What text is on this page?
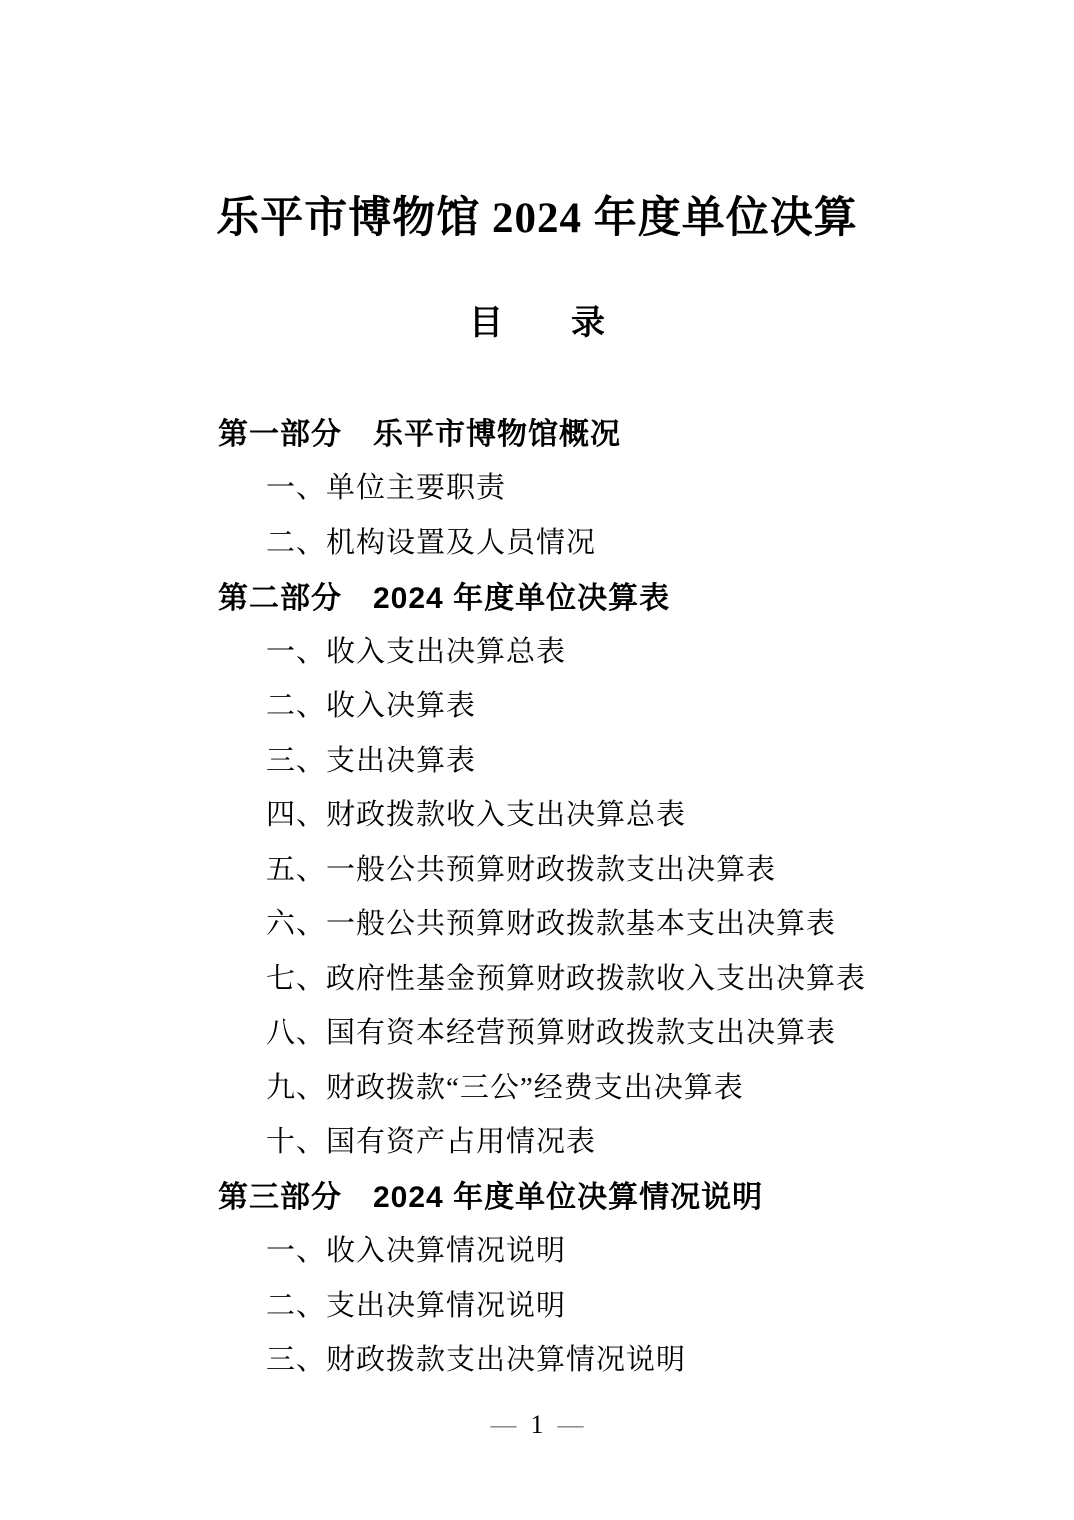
乐平市博物馆 2024 年度单位决算
目　　录
第一部分　乐平市博物馆概况
一、单位主要职责
二、机构设置及人员情况
第二部分　2024 年度单位决算表
一、收入支出决算总表
二、收入决算表
三、支出决算表
四、财政拨款收入支出决算总表
五、一般公共预算财政拨款支出决算表
六、一般公共预算财政拨款基本支出决算表
七、政府性基金预算财政拨款收入支出决算表
八、国有资本经营预算财政拨款支出决算表
九、财政拨款“三公”经费支出决算表
十、国有资产占用情况表
第三部分　2024 年度单位决算情况说明
一、收入决算情况说明
二、支出决算情况说明
三、财政拨款支出决算情况说明
— 1 —
